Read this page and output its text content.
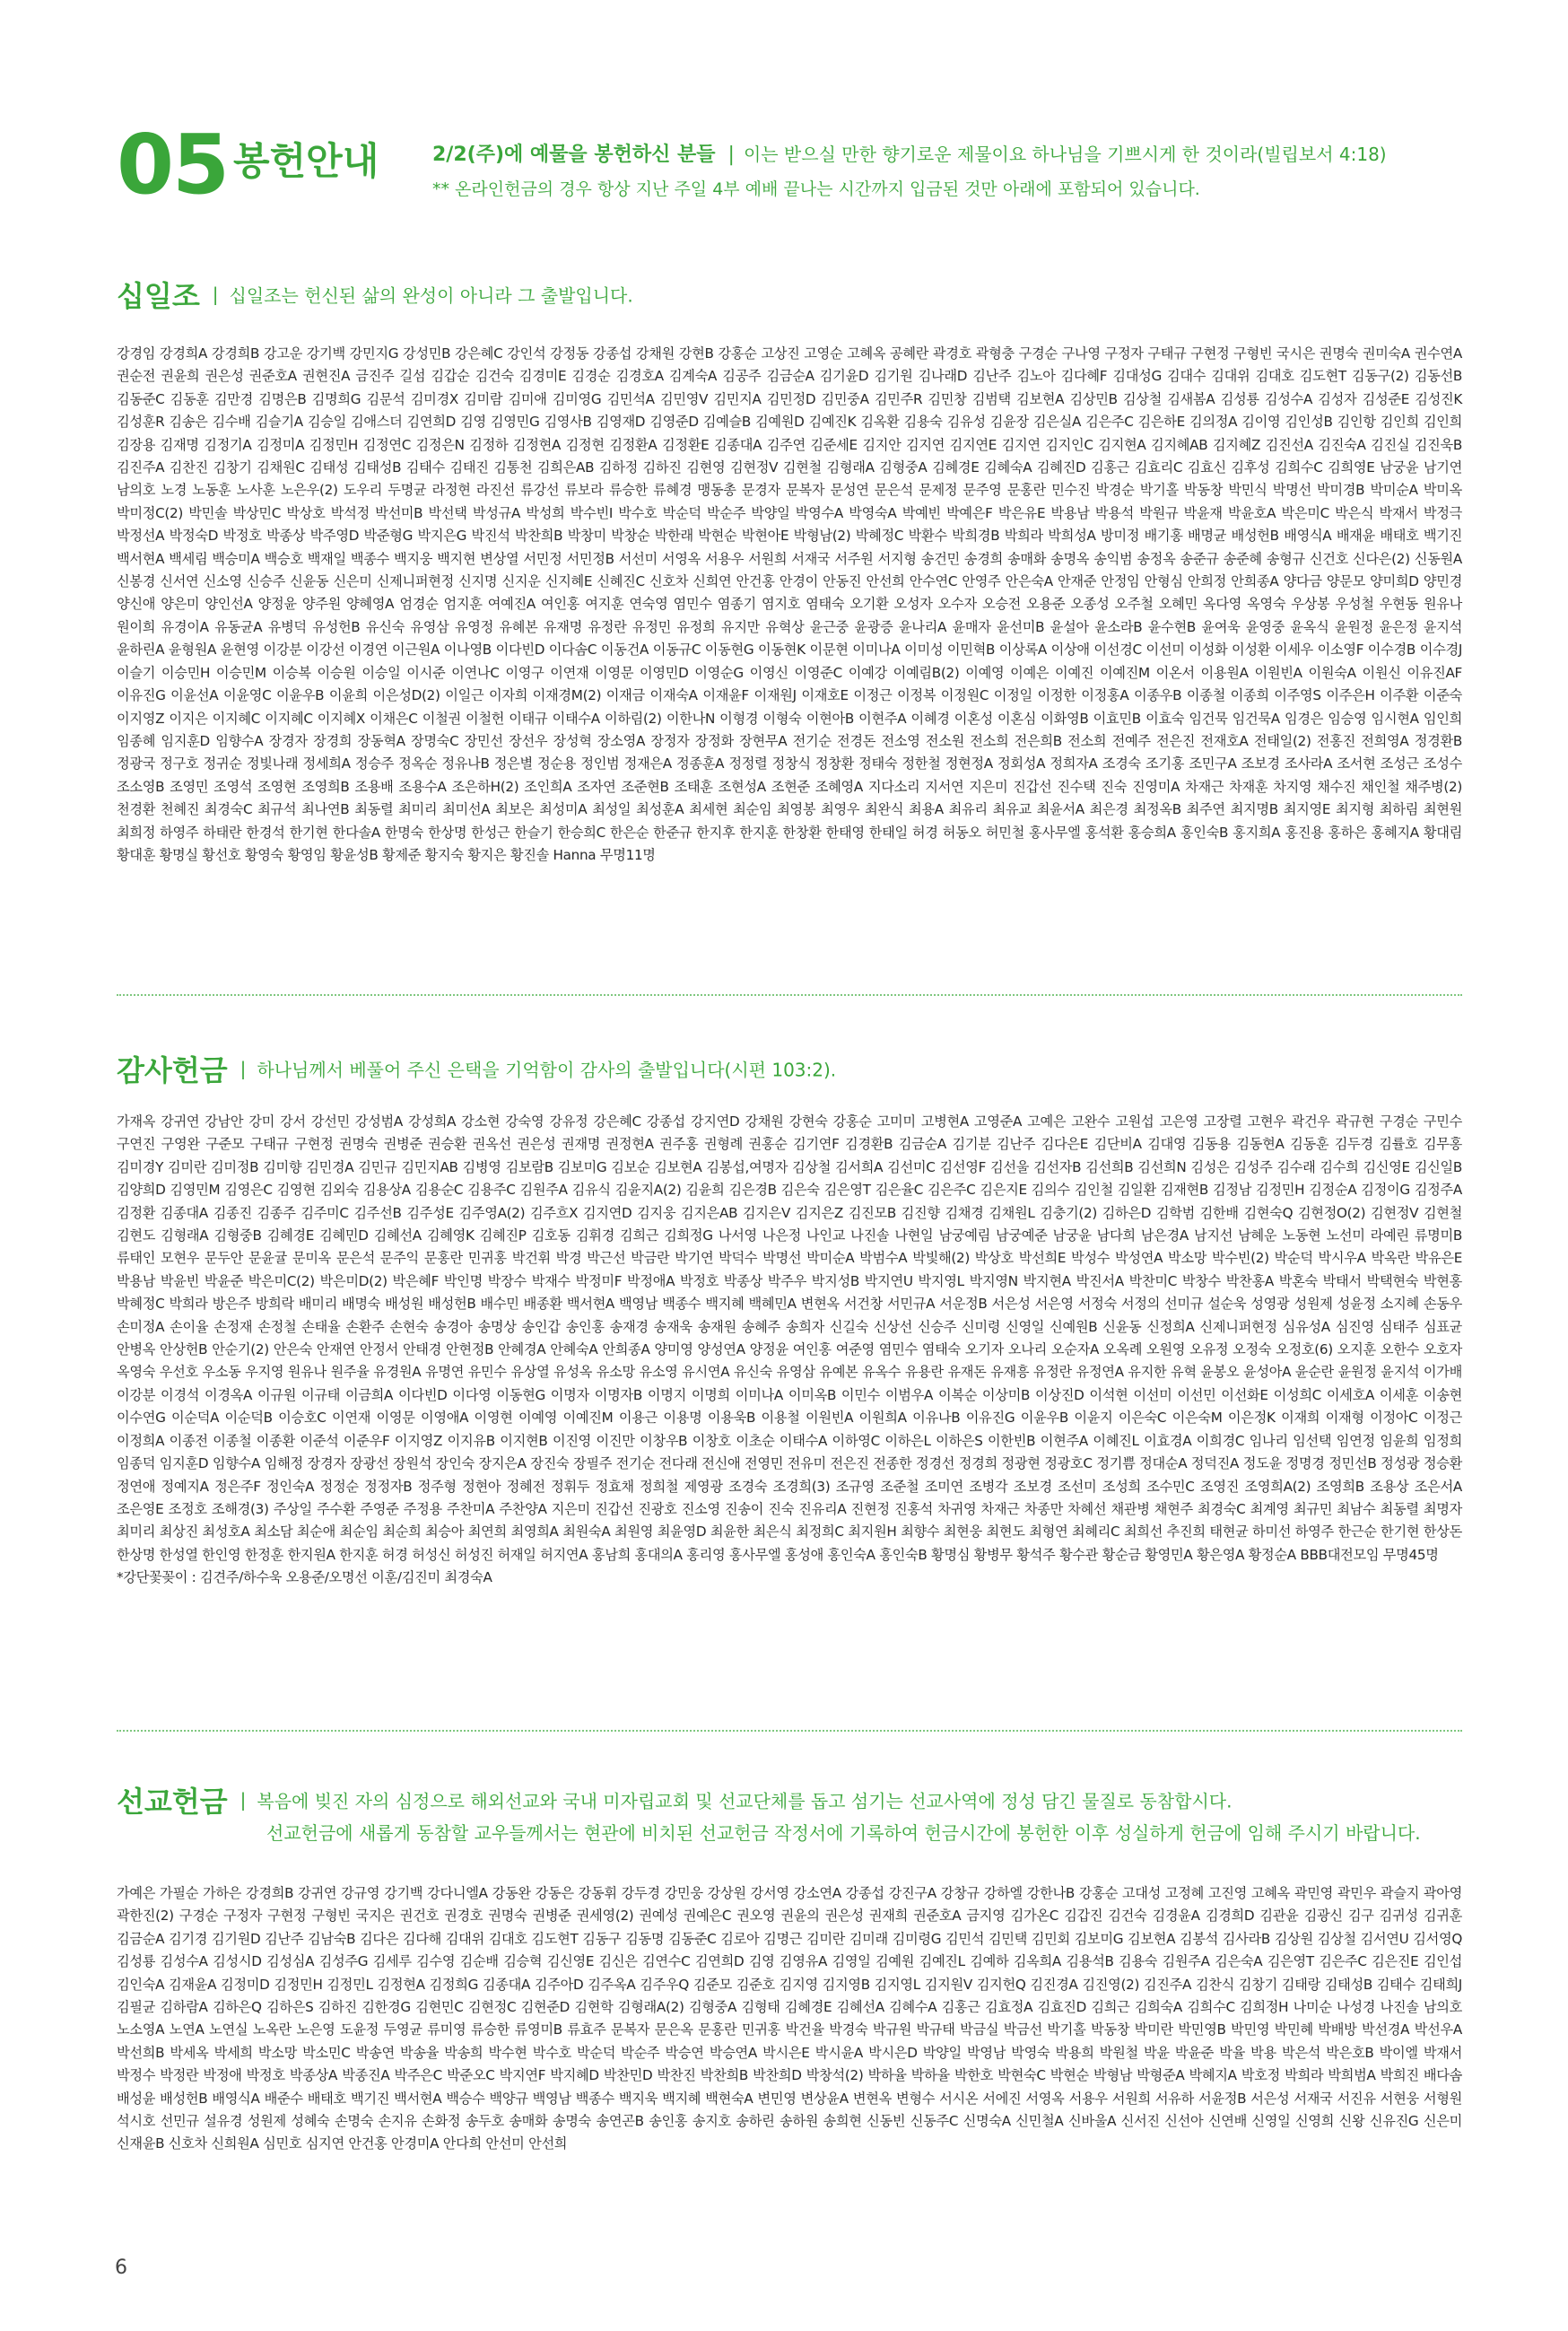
05 봉헌안내	2/2(주)에 예물을 봉헌하신 분들 | 이는 받으실 만한 향기로운 제물이요 하나님을 기쁘시게 한 것이라(빌립보서 4:18)
** 온라인헌금의 경우 항상 지난 주일 4부 예배 끝나는 시간까지 입금된 것만 아래에 포함되어 있습니다.
십일조 | 십일조는 헌신된 삶의 완성이 아니라 그 출발입니다.
강경임 강경희A 강경희B 강고운 강기백 강민지G 강성민B 강은혜C 강인석 강정동 강종섭 강채원 강현B 강홍순 고상진 고영순 고혜옥 공혜란 곽경호 곽형충 구경순 구나영 구정자 구태규 구현정 구형빈 국시은 권명숙 권미숙A 권수연A 권순전 권윤희 권은성 권준호A 권현진A 금진주 길섬 김갑순 김건숙 김경미E 김경순 김경호A 김계숙A 김공주 김금순A 김기윤D 김기원 김나래D 김난주 김노아 김다혜F 김대성G 김대수 김대위 김대호 김도현T 김동구(2) 김동선B 김동준C 김동훈 김만경 김명은B 김명희G 김문석 김미경X 김미람 김미애 김미영G 김민석A 김민영V 김민지A 김민정D 김민중A 김민주R 김민창 김범택 김보현A 김상민B 김상철 김새봄A 김성룡 김성수A 김성자 김성준E 김성진K 김성훈R 김송은 김수배 김슬기A 김승일 김애스더 김연희D 김영 김영민G 김영사B 김영재D 김영준D 김예슬B 김예원D 김예진K 김옥환 김용숙 김유성 김윤장 김은실A 김은주C 김은하E 김의정A 김이영 김인성B 김인항 김인희 김인희 김장용 김재명 김정기A 김정미A 김정민H 김정연C 김정은N 김정하 김정현A 김정현 김정환A 김정환E 김종대A 김주연 김준세E 김지안 김지연 김지연E 김지연 김지인C 김지현A 김지혜AB 김지혜Z 김진선A 김진숙A 김진실 김진욱B 김진주A 김찬진 김창기 김채원C 김태성 김태성B 김태수 김태진 김통천 김희은AB 김하정 김하진 김현영 김현정V 김현철 김형래A 김형중A 김혜경E 김혜숙A 김혜진D 김홍근 김효리C 김효신 김후성 김희수C 김희영E 남궁윤 남기연 남의호 노경 노동훈 노사훈 노은우(2) 도우리 두명균 라정현 라진선 류강선 류보라 류승한 류혜경 맹동총 문경자 문복자 문성연 문은석 문제정 문주영 문홍란 민수진 박경순 박기홀 박동창 박민식 박명선 박미경B 박미순A 박미옥 박미정C(2) 박민솔 박상민C 박상호 박석정 박선미B 박선택 박성규A 박성희 박수빈I 박수호 박순덕 박순주 박양일 박영수A 박영숙A 박예빈 박예은F 박은유E 박용남 박용석 박원규 박윤재 박윤호A 박은미C 박은식 박재서 박정극 박정선A 박정숙D 박정호 박종상 박주영D 박준형G 박지은G 박진석 박찬희B 박창미 박창순 박한래 박현순 박현아E 박형남(2) 박혜정C 박환수 박희경B 박희라 박희성A 방미정 배기홍 배명균 배성헌B 배영식A 배재윤 배태호 백기진 백서현A 백세림 백승미A 백승호 백재일 백종수 백지웅 백지현 변상열 서민정 서민정B 서선미 서영옥 서용우 서원희 서재국 서주원 서지형 송건민 송경희 송매화 송명옥 송익범 송정옥 송준규 송준혜 송형규 신건호 신다은(2) 신동원A 신봉경 신서연 신소영 신승주 신윤동 신은미 신제니퍼현정 신지명 신지운 신지혜E 신혜진C 신호차 신희연 안건홍 안경이 안동진 안선희 안수연C 안영주 안은숙A 안재준 안정임 안형심 안희정 안희종A 양다금 양문모 양미희D 양민경 양신애 양은미 양인선A 양정윤 양주원 양혜영A 엄경순 엄지훈 여예진A 여인홍 여지훈 연숙영 염민수 염종기 염지호 염태숙 오기환 오성자 오수자 오승전 오용준 오종성 오주철 오혜민 옥다영 옥영숙 우상봉 우성철 우현동 원유나 원이희 유경이A 유동균A 유병덕 유성헌B 유신숙 유영삼 유영정 유혜본 유재명 유정란 유정민 유정희 유지만 유혁상 윤근중 윤광증 윤나리A 윤매자 윤선미B 윤설아 윤소라B 윤수현B 윤여욱 윤영중 윤옥식 윤원정 윤은정 윤지석 윤하린A 윤형원A 윤현영 이강분 이강선 이경연 이근원A 이나영B 이다빈D 이다솜C 이동건A 이동규C 이동현G 이동현K 이문현 이미나A 이미성 이민혁B 이상록A 이상애 이선경C 이선미 이성화 이성환 이세우 이소영F 이수경B 이수경J 이슬기 이승민H 이승민M 이승복 이승원 이승일 이시준 이연나C 이영구 이연재 이영문 이영민D 이영순G 이영신 이영준C 이예강 이예림B(2) 이예영 이예은 이예진 이예진M 이온서 이용원A 이원빈A 이원숙A 이원신 이유진AF 이유진G 이윤선A 이윤영C 이윤우B 이윤희 이은성D(2) 이일근 이자희 이재경M(2) 이재금 이재숙A 이재윤F 이재원J 이재호E 이정근 이정복 이정원C 이정일 이정한 이정홍A 이종우B 이종철 이종희 이주영S 이주은H 이주환 이준숙 이지영Z 이지은 이지혜C 이지혜C 이지혜X 이채은C 이철권 이철헌 이태규 이태수A 이하림(2) 이한나N 이형경 이형숙 이현아B 이현주A 이혜경 이혼성 이혼심 이화영B 이효민B 이효숙 임건묵 임건묵A 임경은 임승영 임시현A 임인희 임종혜 임지훈D 임향수A 장경자 장경희 장동혁A 장명숙C 장민선 장선우 장성혁 장소영A 장정자 장정화 장현무A 전기순 전경돈 전소영 전소원 전소희 전은희B 전소희 전예주 전은진 전재호A 전태일(2) 전홍진 전희영A 정경환B 정광국 정구호 정귀순 정빛나래 정세희A 정승주 정옥순 정유나B 정은별 정순용 정인범 정재은A 정종훈A 정정렬 정창식 정창환 정태숙 정한철 정현정A 정회성A 정희자A 조경숙 조기홍 조민구A 조보경 조사라A 조서현 조성근 조성수 조소영B 조영민 조영석 조영현 조영희B 조용배 조용수A 조은하H(2) 조인희A 조자연 조준현B 조태훈 조현성A 조현준 조혜영A 지다소리 지서연 지은미 진갑선 진수택 진숙 진영미A 차재근 차재훈 차지영 채수진 채인철 채주병(2) 천경환 천혜진 최경숙C 최규석 최나연B 최동렬 최미리 최미선A 최보은 최성미A 최성일 최성훈A 최세현 최순임 최영봉 최영우 최완식 최용A 최유리 최유교 최윤서A 최은경 최정옥B 최주연 최지명B 최지영E 최지형 최하림 최현원 최희정 하영주 하태란 한경석 한기현 한다솔A 한명숙 한상명 한성근 한슬기 한승희C 한은순 한준규 한지후 한지훈 한창환 한태영 한태일 허경 허동오 허민철 홍사무엘 홍석환 홍승희A 홍인숙B 홍지희A 홍진용 홍하은 홍혜지A 황대림 황대훈 황명실 황선호 황영숙 황영임 황윤성B 황제준 황지숙 황지은 황진솔 Hanna 무명11명
감사헌금 | 하나님께서 베풀어 주신 은택을 기억함이 감사의 출발입니다(시편 103:2).
가재옥 강귀연 강남안 강미 강서 강선민 강성범A 강성희A 강소현 강숙영 강유정 강은혜C 강종섭 강지연D 강채원 강현숙 강홍순 고미미 고병현A 고영준A 고예은 고완수 고원섭 고은영 고장렬 고현우 곽건우 곽규현 구경순 구민수 구연진 구영완 구준모 구태규 구현정 권명숙 권병준 권승환 권옥선 권은성 권재명 권정현A 권주홍 권형례 권홍순 김기연F 김경환B 김금순A 김기분 김난주 김다은E 김단비A 김대영 김동용 김동현A 김동훈 김두경 김률호 김무홍 김미경Y 김미란 김미정B 김미향 김민경A 김민규 김민지AB 김병영 김보람B 김보미G 김보순 김보현A 김봉섭,여명자 김상철 김서희A 김선미C 김선영F 김선울 김선자B 김선희B 김선희N 김성은 김성주 김수래 김수희 김신영E 김신일B 김양희D 김영민M 김영은C 김영현 김외숙 김용상A 김용순C 김용주C 김원주A 김유식 김윤지A(2) 김윤희 김은경B 김은숙 김은영T 김은율C 김은주C 김은지E 김의수 김인철 김일환 김재현B 김정남 김정민H 김정순A 김정이G 김정주A 김정환 김종대A 김종진 김종주 김주미C 김주선B 김주성E 김주영A(2) 김주흐X 김지연D 김지웅 김지은AB 김지은V 김지은Z 김진모B 김진향 김채경 김채원L 김충기(2) 김하은D 김학범 김한배 김현숙Q 김현정O(2) 김현정V 김현철 김현도 김형래A 김형중B 김혜경E 김혜민D 김혜선A 김혜영K 김혜진P 김호동 김휘경 김희근 김희정G 나서영 나은정 나인교 나진솔 나현일 남궁예림 남궁예준 남궁윤 남다희 남은경A 남지선 남혜운 노동현 노선미 라예린 류명미B 류태인 모현우 문두안 문윤귤 문미옥 문은석 문주익 문홍란 민귀홍 박건휘 박경 박근선 박금란 박기연 박덕수 박명선 박미순A 박범수A 박빛해(2) 박상호 박선희E 박성수 박성연A 박소망 박수빈(2) 박순덕 박시우A 박옥란 박유은E 박용남 박윤빈 박윤준 박은미C(2) 박은미D(2) 박은혜F 박인명 박장수 박재수 박정미F 박정애A 박정호 박종상 박주우 박지성B 박지연U 박지영L 박지영N 박지현A 박진서A 박찬미C 박창수 박찬홍A 박혼숙 박태서 박택현숙 박현홍 박혜정C 박희라 방은주 방희락 배미리 배명숙 배성원 배성헌B 배수민 배종환 백서현A 백영남 백종수 백지혜 백혜민A 변현옥 서건창 서민규A 서운정B 서은성 서은영 서정숙 서정의 선미규 설순욱 성영광 성원제 성윤정 소지혜 손동우 손미정A 손이율 손정재 손정철 손태율 손환주 손현숙 송경아 송명상 송인갑 송인홍 송재경 송재욱 송재원 송혜주 송희자 신길숙 신상선 신승주 신미령 신영일 신예원B 신윤동 신정희A 신제니퍼현정 심유성A 심진영 심태주 심표균 안병옥 안상헌B 안순기(2) 안은숙 안재연 안정서 안태경 안현정B 안혜경A 안혜숙A 안희종A 양미영 양성연A 양정윤 여인홍 여준영 염민수 염태숙 오기자 오나리 오순자A 오옥례 오원영 오유정 오정숙 오정호(6) 오지훈 오한수 오호자 옥영숙 우선호 우소동 우지영 원유나 원주율 유경원A 유명연 유민수 유상열 유성옥 유소망 유소영 유시연A 유신숙 유영삼 유예본 유옥수 유용란 유재돈 유재흥 유정란 유정연A 유지한 유혁 윤봉오 윤성아A 윤순란 윤원정 윤지석 이가배 이강분 이경석 이경옥A 이규원 이규태 이금희A 이다빈D 이다영 이동현G 이명자 이명자B 이명지 이명희 이미나A 이미옥B 이민수 이범우A 이복순 이상미B 이상진D 이석현 이선미 이선민 이선화E 이성희C 이세호A 이세훈 이송현 이수연G 이순덕A 이순덕B 이승호C 이연재 이영문 이영애A 이영현 이예영 이예진M 이용근 이용명 이용욱B 이용철 이원빈A 이원희A 이유나B 이유진G 이윤우B 이윤지 이은숙C 이은숙M 이은정K 이재희 이재형 이정아C 이정근 이정희A 이종전 이종철 이종환 이준석 이준우F 이지영Z 이지유B 이지현B 이진영 이진만 이창우B 이창호 이초순 이태수A 이하영C 이하은L 이하은S 이한빈B 이현주A 이혜진L 이효경A 이희경C 임나리 임선택 임연정 임윤희 임정희 임종덕 임지훈D 임향수A 임해정 장경자 장광선 장원석 장인숙 장지은A 장진숙 장필주 전기순 전다래 전신애 전영민 전유미 전은진 전종한 정경선 정경희 정광현 정광호C 정기쁨 정대순A 정덕진A 정도윤 정명경 정민선B 정성광 정승환 정연애 정예지A 정은주F 정인숙A 정정순 정정자B 정주형 정현아 정혜전 정휘두 정효채 정희철 제영광 조경숙 조경희(3) 조규영 조준철 조미연 조병각 조보경 조선미 조성희 조수민C 조영진 조영희A(2) 조영희B 조용상 조은서A 조은영E 조정호 조해경(3) 주상일 주수환 주영준 주정용 주찬미A 주찬양A 지은미 진갑선 진광호 진소영 진송이 진숙 진유리A 진현정 진홍석 차귀영 차재근 차종만 차혜선 채관병 채현주 최경숙C 최계영 최규민 최남수 최동렬 최명자 최미리 최상진 최성호A 최소담 최순애 최순임 최순희 최승아 최연희 최영희A 최원숙A 최원영 최윤영D 최윤한 최은식 최정희C 최지원H 최향수 최현웅 최현도 최형연 최혜리C 최희선 추진희 태현균 하미선 하영주 한근순 한기현 한상돈 한상명 한성열 한인영 한정훈 한지원A 한지훈 허경 허성신 허성진 허재일 허지연A 홍남희 홍대의A 홍리영 홍사무엘 홍성애 홍인숙A 홍인숙B 황명심 황병무 황석주 황수관 황순금 황영민A 황은영A 황정순A BBB대전모임 무명45명
*강단꽃꽂이 : 김견주/하수욱 오용준/오명선 이훈/김진미 최경숙A
선교헌금 | 복음에 빚진 자의 심정으로 해외선교와 국내 미자립교회 및 선교단체를 돕고 섬기는 선교사역에 정성 담긴 물질로 동참합시다.
선교헌금에 새롭게 동참할 교우들께서는 현관에 비치된 선교헌금 작정서에 기록하여 헌금시간에 봉헌한 이후 성실하게 헌금에 임해 주시기 바랍니다.
가예은 가필순 가하은 강경희B 강귀연 강규영 강기백 강다니엘A 강동완 강동은 강동휘 강두경 강민웅 강상원 강서영 강소연A 강종섭 강진구A 강창규 강하엘 강한나B 강홍순 고대성 고정혜 고진영 고혜옥 곽민영 곽민우 곽슬지 곽아영 곽한진(2) 구경순 구정자 구현정 구형빈 국지은 권건호 권경호 권명숙 권병준 권세영(2) 권예성 권예은C 권오영 권윤의 권은성 권재희 권준호A 금지영 김가온C 김갑진 김건숙 김경윤A 김경희D 김관윤 김광신 김구 김귀성 김귀훈 김금순A 김기경 김기원D 김난주 김남숙B 김다은 김다해 김대위 김대호 김도현T 김동구 김동명 김동준C 김로아 김명근 김미란 김미래 김미령G 김민석 김민택 김민회 김보미G 김보현A 김봉석 김사라B 김상원 김상철 김서연U 김서영Q 김성룡 김성수A 김성시D 김성심A 김성주G 김세루 김수영 김순배 김승혁 김신영E 김신은 김연수C 김연희D 김영 김영유A 김영일 김예원 김예진L 김예하 김옥희A 김용석B 김용숙 김원주A 김은숙A 김은영T 김은주C 김은진E 김인섭 김인숙A 김재윤A 김정미D 김정민H 김정민L 김정현A 김정희G 김종대A 김주아D 김주옥A 김주우Q 김준모 김준호 김지영 김지영B 김지영L 김지원V 김지헌Q 김진경A 김진영(2) 김진주A 김찬식 김창기 김태랑 김태성B 김태수 김태희J 김필균 김하람A 김하은Q 김하은S 김하진 김한경G 김현민C 김현정C 김현준D 김현학 김형래A(2) 김형중A 김형태 김혜경E 김혜선A 김혜수A 김홍근 김효정A 김효진D 김희근 김희숙A 김희수C 김희정H 나미순 나성경 나진솔 남의호 노소영A 노연A 노연실 노옥란 노은영 도윤정 두영균 류미영 류승한 류영미B 류효주 문복자 문은옥 문홍란 민귀홍 박건율 박경숙 박규원 박규태 박금실 박금선 박기홀 박동창 박미란 박민영B 박민영 박민혜 박배방 박선경A 박선우A 박선희B 박세옥 박세희 박소망 박소민C 박송연 박송율 박송희 박수현 박수호 박순덕 박순주 박승연 박승연A 박시은E 박시윤A 박시은D 박양일 박영남 박영숙 박용희 박원철 박윤 박윤준 박율 박용 박은석 박은호B 박이엘 박재서 박정수 박정란 박정애 박정호 박종상A 박종진A 박주은C 박준오C 박지연F 박지혜D 박찬민D 박찬진 박찬희B 박찬희D 박창석(2) 박하율 박하율 박한호 박현숙C 박현순 박형남 박형준A 박혜지A 박호정 박희라 박희범A 박희진 배다솜 배성윤 배성헌B 배영식A 배준수 배태호 백기진 백서현A 백승수 백양규 백영남 백종수 백지욱 백지혜 백현숙A 변민영 변상윤A 변현옥 변형수 서시온 서에진 서영옥 서용우 서원희 서유하 서윤정B 서은성 서재국 서진유 서현웅 서형원 석시호 선민규 설유경 성원제 성혜숙 손명숙 손지유 손화정 송두호 송매화 송명숙 송연곤B 송인홍 송지호 송하린 송하원 송희현 신동빈 신동주C 신명숙A 신민철A 신바울A 신서진 신선아 신연배 신영일 신영희 신왕 신유진G 신은미 신재윤B 신호차 신희원A 심민호 심지연 안건홍 안경미A 안다희 안선미 안선희
6
